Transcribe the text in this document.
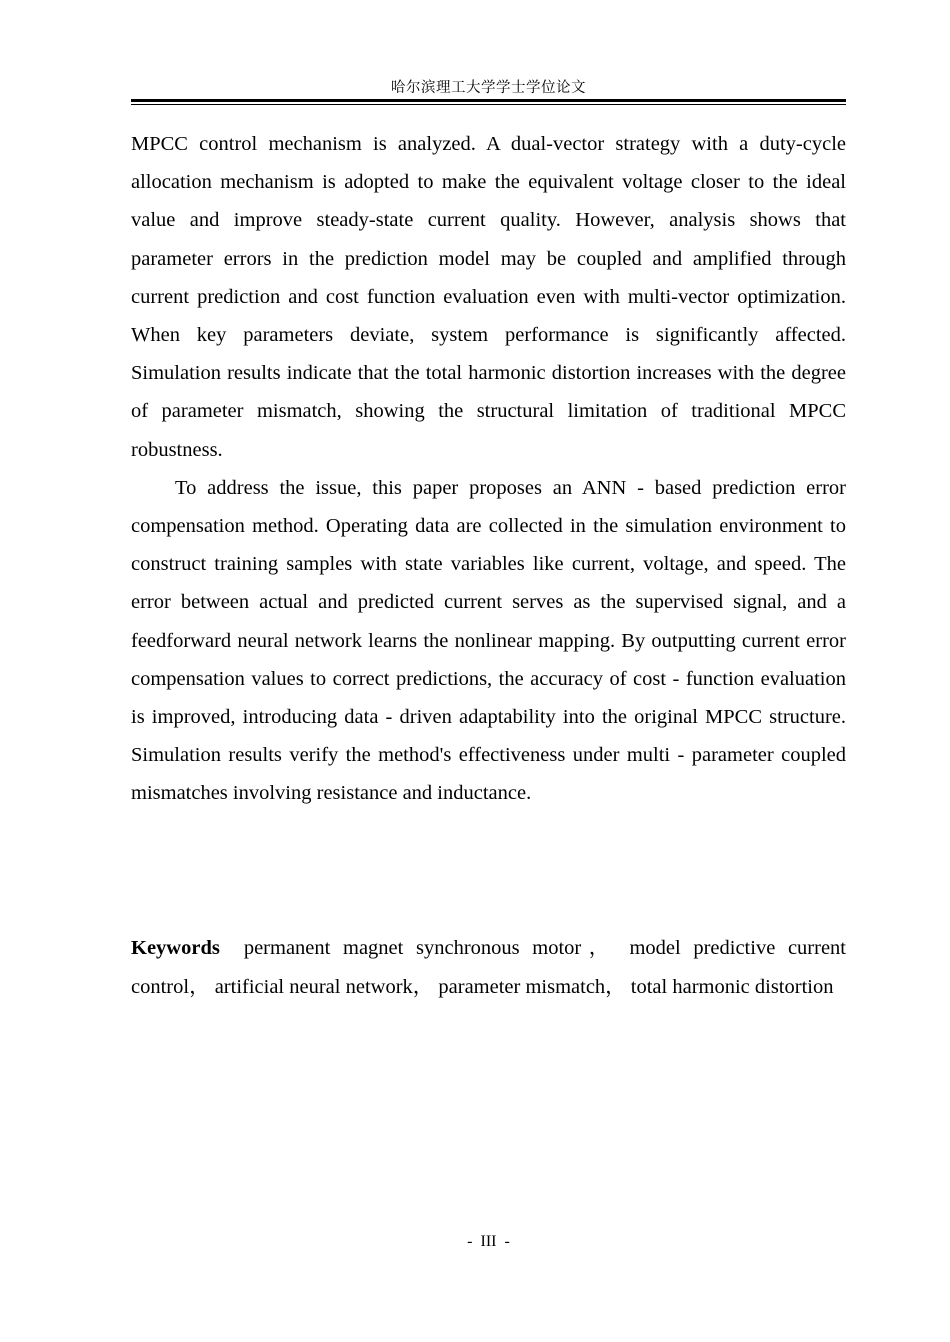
哈尔滨理工大学学士学位论文

MPCC control mechanism is analyzed. A dual-vector strategy with a duty-cycle allocation mechanism is adopted to make the equivalent voltage closer to the ideal value and improve steady-state current quality. However, analysis shows that parameter errors in the prediction model may be coupled and amplified through current prediction and cost function evaluation even with multi-vector optimization. When key parameters deviate, system performance is significantly affected. Simulation results indicate that the total harmonic distortion increases with the degree of parameter mismatch, showing the structural limitation of traditional MPCC robustness.

To address the issue, this paper proposes an ANN - based prediction error compensation method. Operating data are collected in the simulation environment to construct training samples with state variables like current, voltage, and speed. The error between actual and predicted current serves as the supervised signal, and a feedforward neural network learns the nonlinear mapping. By outputting current error compensation values to correct predictions, the accuracy of cost - function evaluation is improved, introducing data - driven adaptability into the original MPCC structure. Simulation results verify the method's effectiveness under multi - parameter coupled mismatches involving resistance and inductance.

Keywords permanent magnet synchronous motor， model predictive current control， artificial neural network， parameter mismatch， total harmonic distortion
- III -
